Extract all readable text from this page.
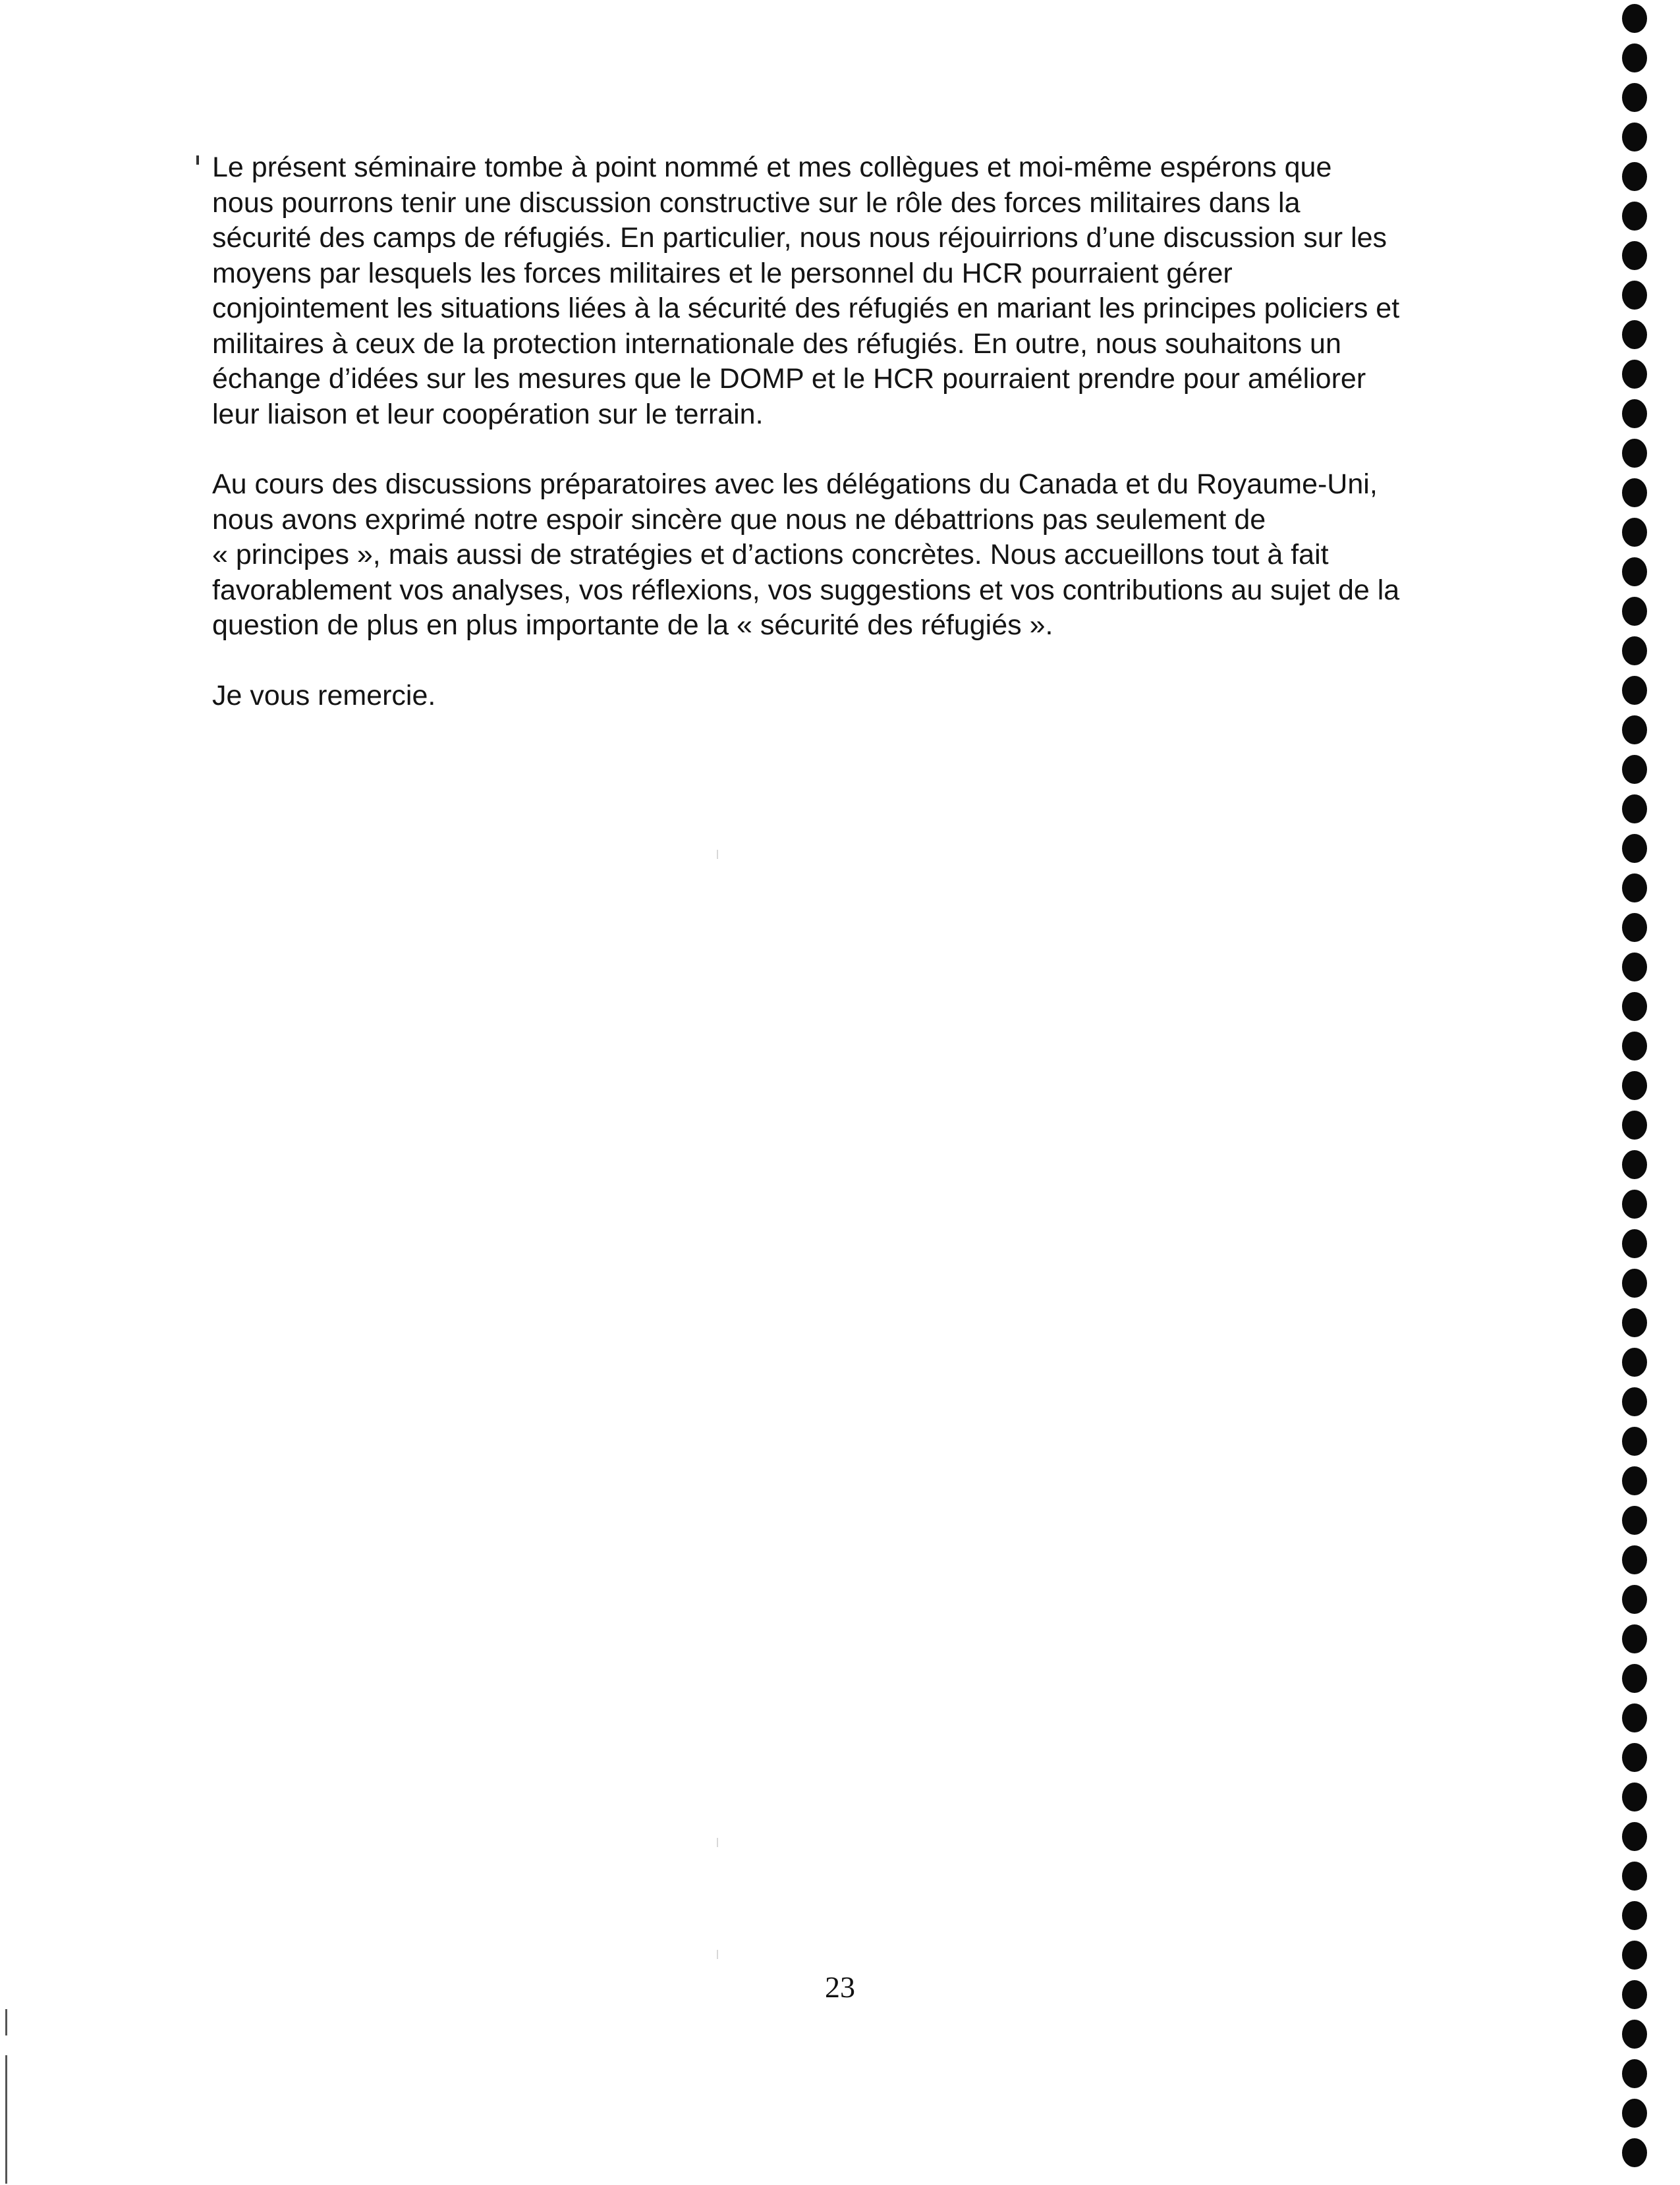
Le présent séminaire tombe à point nommé et mes collègues et moi-même espérons que
nous pourrons tenir une discussion constructive sur le rôle des forces militaires dans la
sécurité des camps de réfugiés. En particulier, nous nous réjouirrions d’une discussion sur les
moyens par lesquels les forces militaires et le personnel du HCR pourraient gérer
conjointement les situations liées à la sécurité des réfugiés en mariant les principes policiers et
militaires à ceux de la protection internationale des réfugiés. En outre, nous souhaitons un
échange d’idées sur les mesures que le DOMP et le HCR pourraient prendre pour améliorer
leur liaison et leur coopération sur le terrain.

Au cours des discussions préparatoires avec les délégations du Canada et du Royaume-Uni,
nous avons exprimé notre espoir sincère que nous ne débattrions pas seulement de
« principes », mais aussi de stratégies et d’actions concrètes. Nous accueillons tout à fait
favorablement vos analyses, vos réflexions, vos suggestions et vos contributions au sujet de la
question de plus en plus importante de la « sécurité des réfugiés ».

Je vous remercie.

23
